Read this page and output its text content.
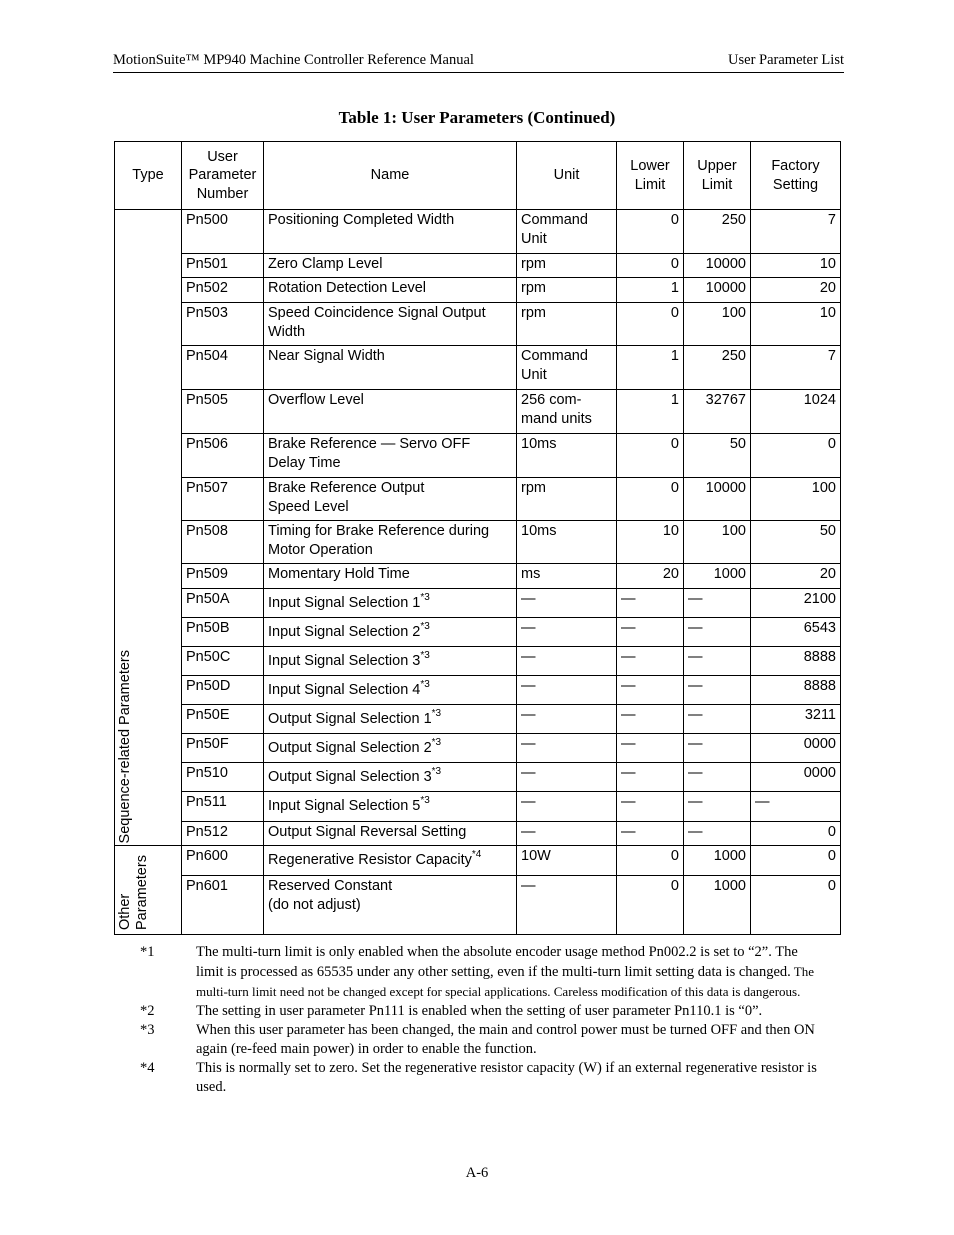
MotionSuite™ MP940 Machine Controller Reference Manual	User Parameter List
Table 1: User Parameters (Continued)
Type	User
Parameter
Number	Name	Unit	Lower
Limit	Upper
Limit	Factory
Setting

Sequence-related Parameters	Pn500	Positioning Completed Width	Command
Unit	0	250	7
	Pn501	Zero Clamp Level	rpm	0	10000	10
	Pn502	Rotation Detection Level	rpm	1	10000	20
	Pn503	Speed Coincidence Signal Output
Width	rpm	0	100	10
	Pn504	Near Signal Width	Command
Unit	1	250	7
	Pn505	Overflow Level	256 com-
mand units	1	32767	1024
	Pn506	Brake Reference — Servo OFF
Delay Time	10ms	0	50	0
	Pn507	Brake Reference Output
Speed Level	rpm	0	10000	100
	Pn508	Timing for Brake Reference during
Motor Operation	10ms	10	100	50
	Pn509	Momentary Hold Time	ms	20	1000	20
	Pn50A	Input Signal Selection 1$^{*3}$	—	—	—	2100
	Pn50B	Input Signal Selection 2$^{*3}$	—	—	—	6543
	Pn50C	Input Signal Selection 3$^{*3}$	—	—	—	8888
	Pn50D	Input Signal Selection 4$^{*3}$	—	—	—	8888
	Pn50E	Output Signal Selection 1$^{*3}$	—	—	—	3211
	Pn50F	Output Signal Selection 2$^{*3}$	—	—	—	0000
	Pn510	Output Signal Selection 3$^{*3}$	—	—	—	0000
	Pn511	Input Signal Selection 5$^{*3}$	—	—	—	—
	Pn512	Output Signal Reversal Setting	—	—	—	0

Other Parameters	Pn600	Regenerative Resistor Capacity$^{*4}$	10W	0	1000	0
	Pn601	Reserved Constant
(do not adjust)	—	0	1000	0
*1	The multi-turn limit is only enabled when the absolute encoder usage method Pn002.2 is set to “2”. The limit is processed as 65535 under any other setting, even if the multi-turn limit setting data is changed. The multi-turn limit need not be changed except for special applications. Careless modification of this data is dangerous.
*2	The setting in user parameter Pn111 is enabled when the setting of user parameter Pn110.1 is “0”.
*3	When this user parameter has been changed, the main and control power must be turned OFF and then ON again (re-feed main power) in order to enable the function.
*4	This is normally set to zero. Set the regenerative resistor capacity (W) if an external regenerative resistor is used.
A-6
